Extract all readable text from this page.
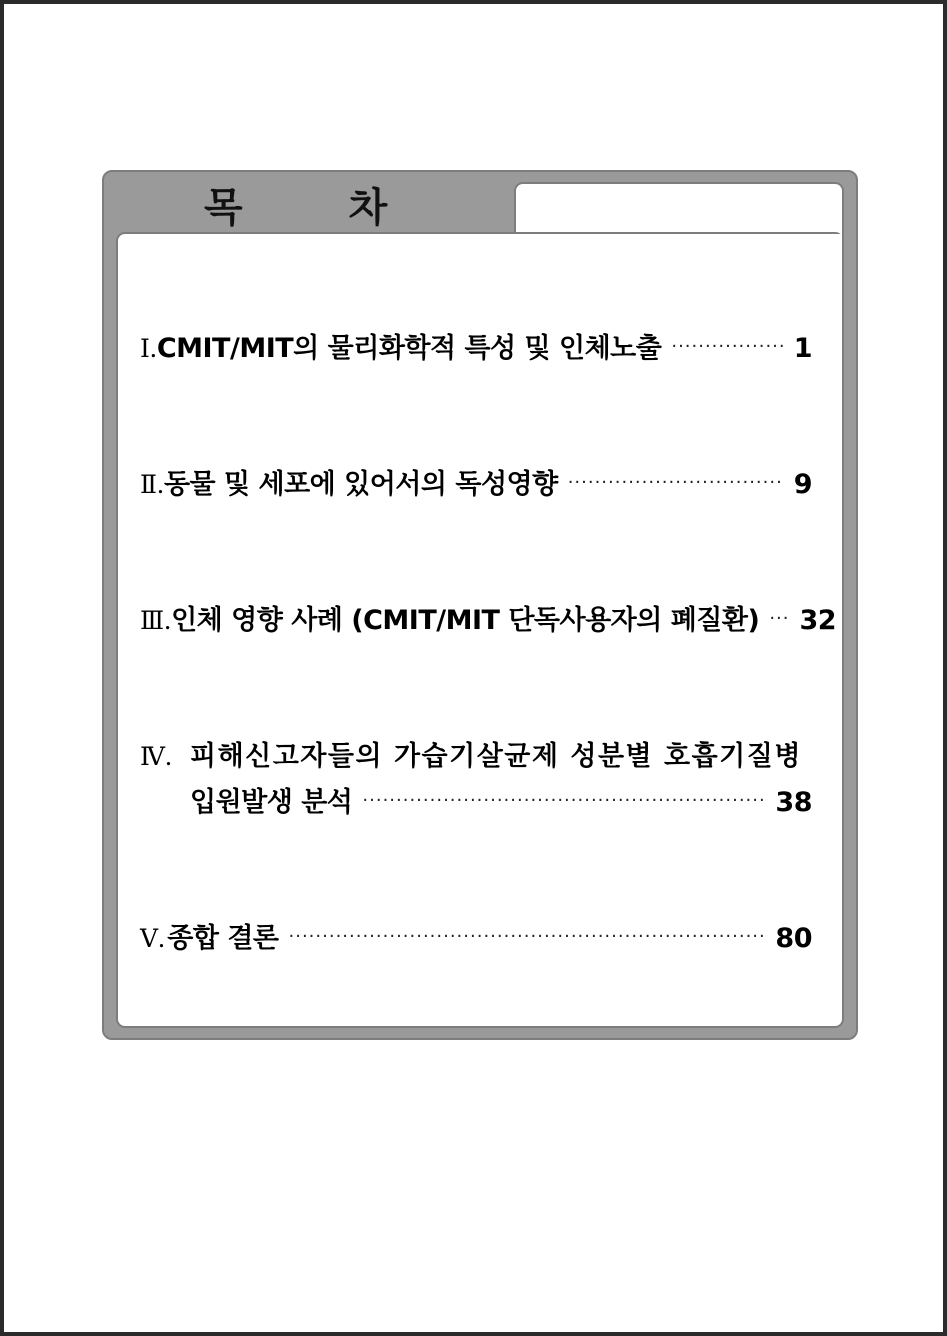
목 차
Ⅰ. CMIT/MIT의 물리화학적 특성 및 인체노출 ·····	1
Ⅱ. 동물 및 세포에 있어서의 독성영향 ·····	9
Ⅲ. 인체 영향 사례 (CMIT/MIT 단독사용자의 폐질환) ··· 32
Ⅳ. 피해신고자들의 가습기살균제 성분별 호흡기질병
입원발생 분석 ·····	38
Ⅴ. 종합 결론 ·····	80
